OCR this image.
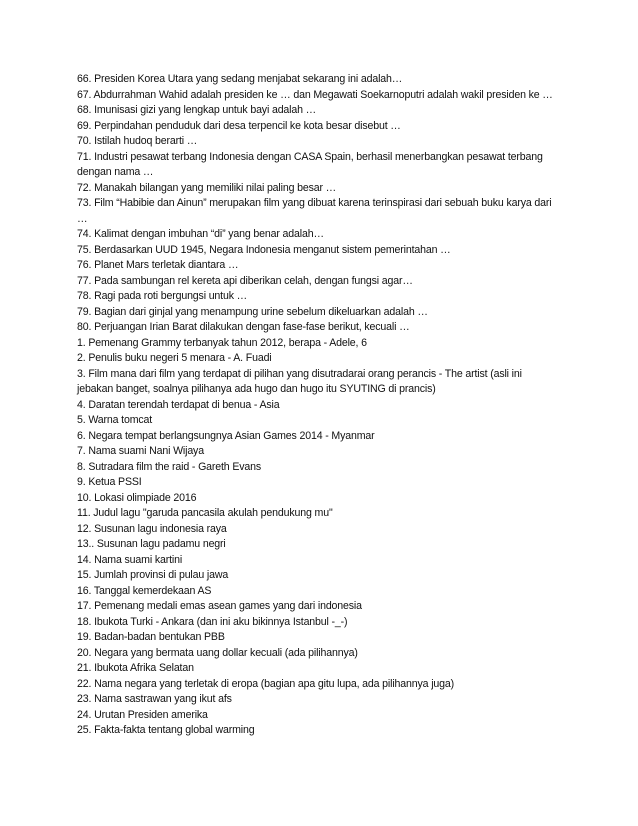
66. Presiden Korea Utara yang sedang menjabat sekarang ini adalah…

67. Abdurrahman Wahid adalah presiden ke … dan Megawati Soekarnoputri adalah wakil presiden ke …

68. Imunisasi gizi yang lengkap untuk bayi adalah …

69. Perpindahan penduduk dari desa terpencil ke kota besar disebut …

70. Istilah hudoq berarti …

71. Industri pesawat terbang Indonesia dengan CASA Spain, berhasil menerbangkan pesawat terbang dengan nama …

72. Manakah bilangan yang memiliki nilai paling besar …

73. Film “Habibie dan Ainun” merupakan film yang dibuat karena terinspirasi dari sebuah buku karya dari …

74. Kalimat dengan imbuhan “di” yang benar adalah…

75. Berdasarkan UUD 1945, Negara Indonesia menganut sistem pemerintahan …

76. Planet Mars terletak diantara …

77. Pada sambungan rel kereta api diberikan celah, dengan fungsi agar…

78. Ragi pada roti bergungsi untuk …

79. Bagian dari ginjal yang menampung urine sebelum dikeluarkan adalah …

80. Perjuangan Irian Barat dilakukan dengan fase-fase berikut, kecuali …

1. Pemenang Grammy terbanyak tahun 2012, berapa - Adele, 6

2. Penulis buku negeri 5 menara - A. Fuadi

3. Film mana dari film yang terdapat di pilihan yang disutradarai orang perancis - The artist (asli ini jebakan banget, soalnya pilihanya ada hugo dan hugo itu SYUTING di prancis)

4. Daratan terendah terdapat di benua - Asia

5. Warna tomcat

6. Negara tempat berlangsungnya Asian Games 2014 - Myanmar

7. Nama suami Nani Wijaya

8. Sutradara film the raid - Gareth Evans

9. Ketua PSSI

10. Lokasi olimpiade 2016

11. Judul lagu "garuda pancasila akulah pendukung mu"

12. Susunan lagu indonesia raya

13.. Susunan lagu padamu negri

14. Nama suami kartini

15. Jumlah provinsi di pulau jawa

16. Tanggal kemerdekaan AS

17. Pemenang medali emas asean games yang dari indonesia

18. Ibukota Turki - Ankara (dan ini aku bikinnya Istanbul -_-)

19. Badan-badan bentukan PBB

20. Negara yang bermata uang dollar kecuali (ada pilihannya)

21. Ibukota Afrika Selatan

22. Nama negara yang terletak di eropa (bagian apa gitu lupa, ada pilihannya juga)

23. Nama sastrawan yang ikut afs

24. Urutan Presiden amerika

25. Fakta-fakta tentang global warming
